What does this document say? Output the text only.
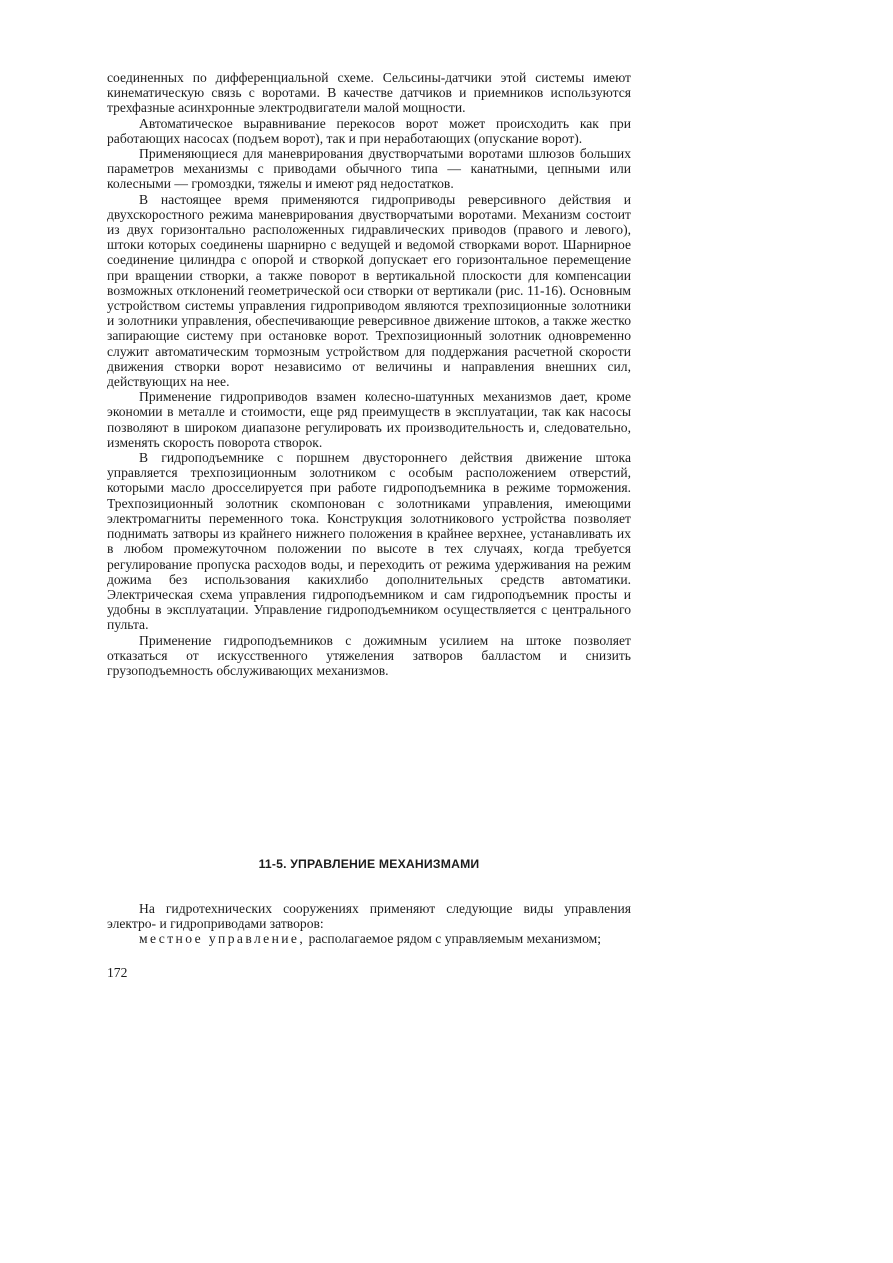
соединенных по дифференциальной схеме. Сельсины-датчики этой системы имеют кинематическую связь с воротами. В качестве датчиков и приемников используются трехфазные асинхронные электродвигатели малой мощности.

Автоматическое выравнивание перекосов ворот может происходить как при работающих насосах (подъем ворот), так и при неработающих (опускание ворот).

Применяющиеся для маневрирования двустворчатыми воротами шлюзов больших параметров механизмы с приводами обычного типа — канатными, цепными или колесными — громоздки, тяжелы и имеют ряд недостатков.

В настоящее время применяются гидроприводы реверсивного действия и двухскоростного режима маневрирования двустворчатыми воротами. Механизм состоит из двух горизонтально расположенных гидравлических приводов (правого и левого), штоки которых соединены шарнирно с ведущей и ведомой створками ворот. Шарнирное соединение цилиндра с опорой и створкой допускает его горизонтальное перемещение при вращении створки, а также поворот в вертикальной плоскости для компенсации возможных отклонений геометрической оси створки от вертикали (рис. 11-16). Основным устройством системы управления гидроприводом являются трехпозиционные золотники и золотники управления, обеспечивающие реверсивное движение штоков, а также жестко запирающие систему при остановке ворот. Трехпозиционный золотник одновременно служит автоматическим тормозным устройством для поддержания расчетной скорости движения створки ворот независимо от величины и направления внешних сил, действующих на нее.

Применение гидроприводов взамен колесно-шатунных механизмов дает, кроме экономии в металле и стоимости, еще ряд преимуществ в эксплуатации, так как насосы позволяют в широком диапазоне регулировать их производительность и, следовательно, изменять скорость поворота створок.

В гидроподъемнике с поршнем двустороннего действия движение штока управляется трехпозиционным золотником с особым расположением отверстий, которыми масло дросселируется при работе гидроподъемника в режиме торможения. Трехпозиционный золотник скомпонован с золотниками управления, имеющими электромагниты переменного тока. Конструкция золотникового устройства позволяет поднимать затворы из крайнего нижнего положения в крайнее верхнее, устанавливать их в любом промежуточном положении по высоте в тех случаях, когда требуется регулирование пропуска расходов воды, и переходить от режима удерживания на режим дожима без использования какихлибо дополнительных средств автоматики. Электрическая схема управления гидроподъемником и сам гидроподъемник просты и удобны в эксплуатации. Управление гидроподъемником осуществляется с центрального пульта.

Применение гидроподъемников с дожимным усилием на штоке позволяет отказаться от искусственного утяжеления затворов балластом и снизить грузоподъемность обслуживающих механизмов.

11-5. УПРАВЛЕНИЕ МЕХАНИЗМАМИ

На гидротехнических сооружениях применяют следующие виды управления электро- и гидроприводами затворов:

местное управление, располагаемое рядом с управляемым механизмом;

172
